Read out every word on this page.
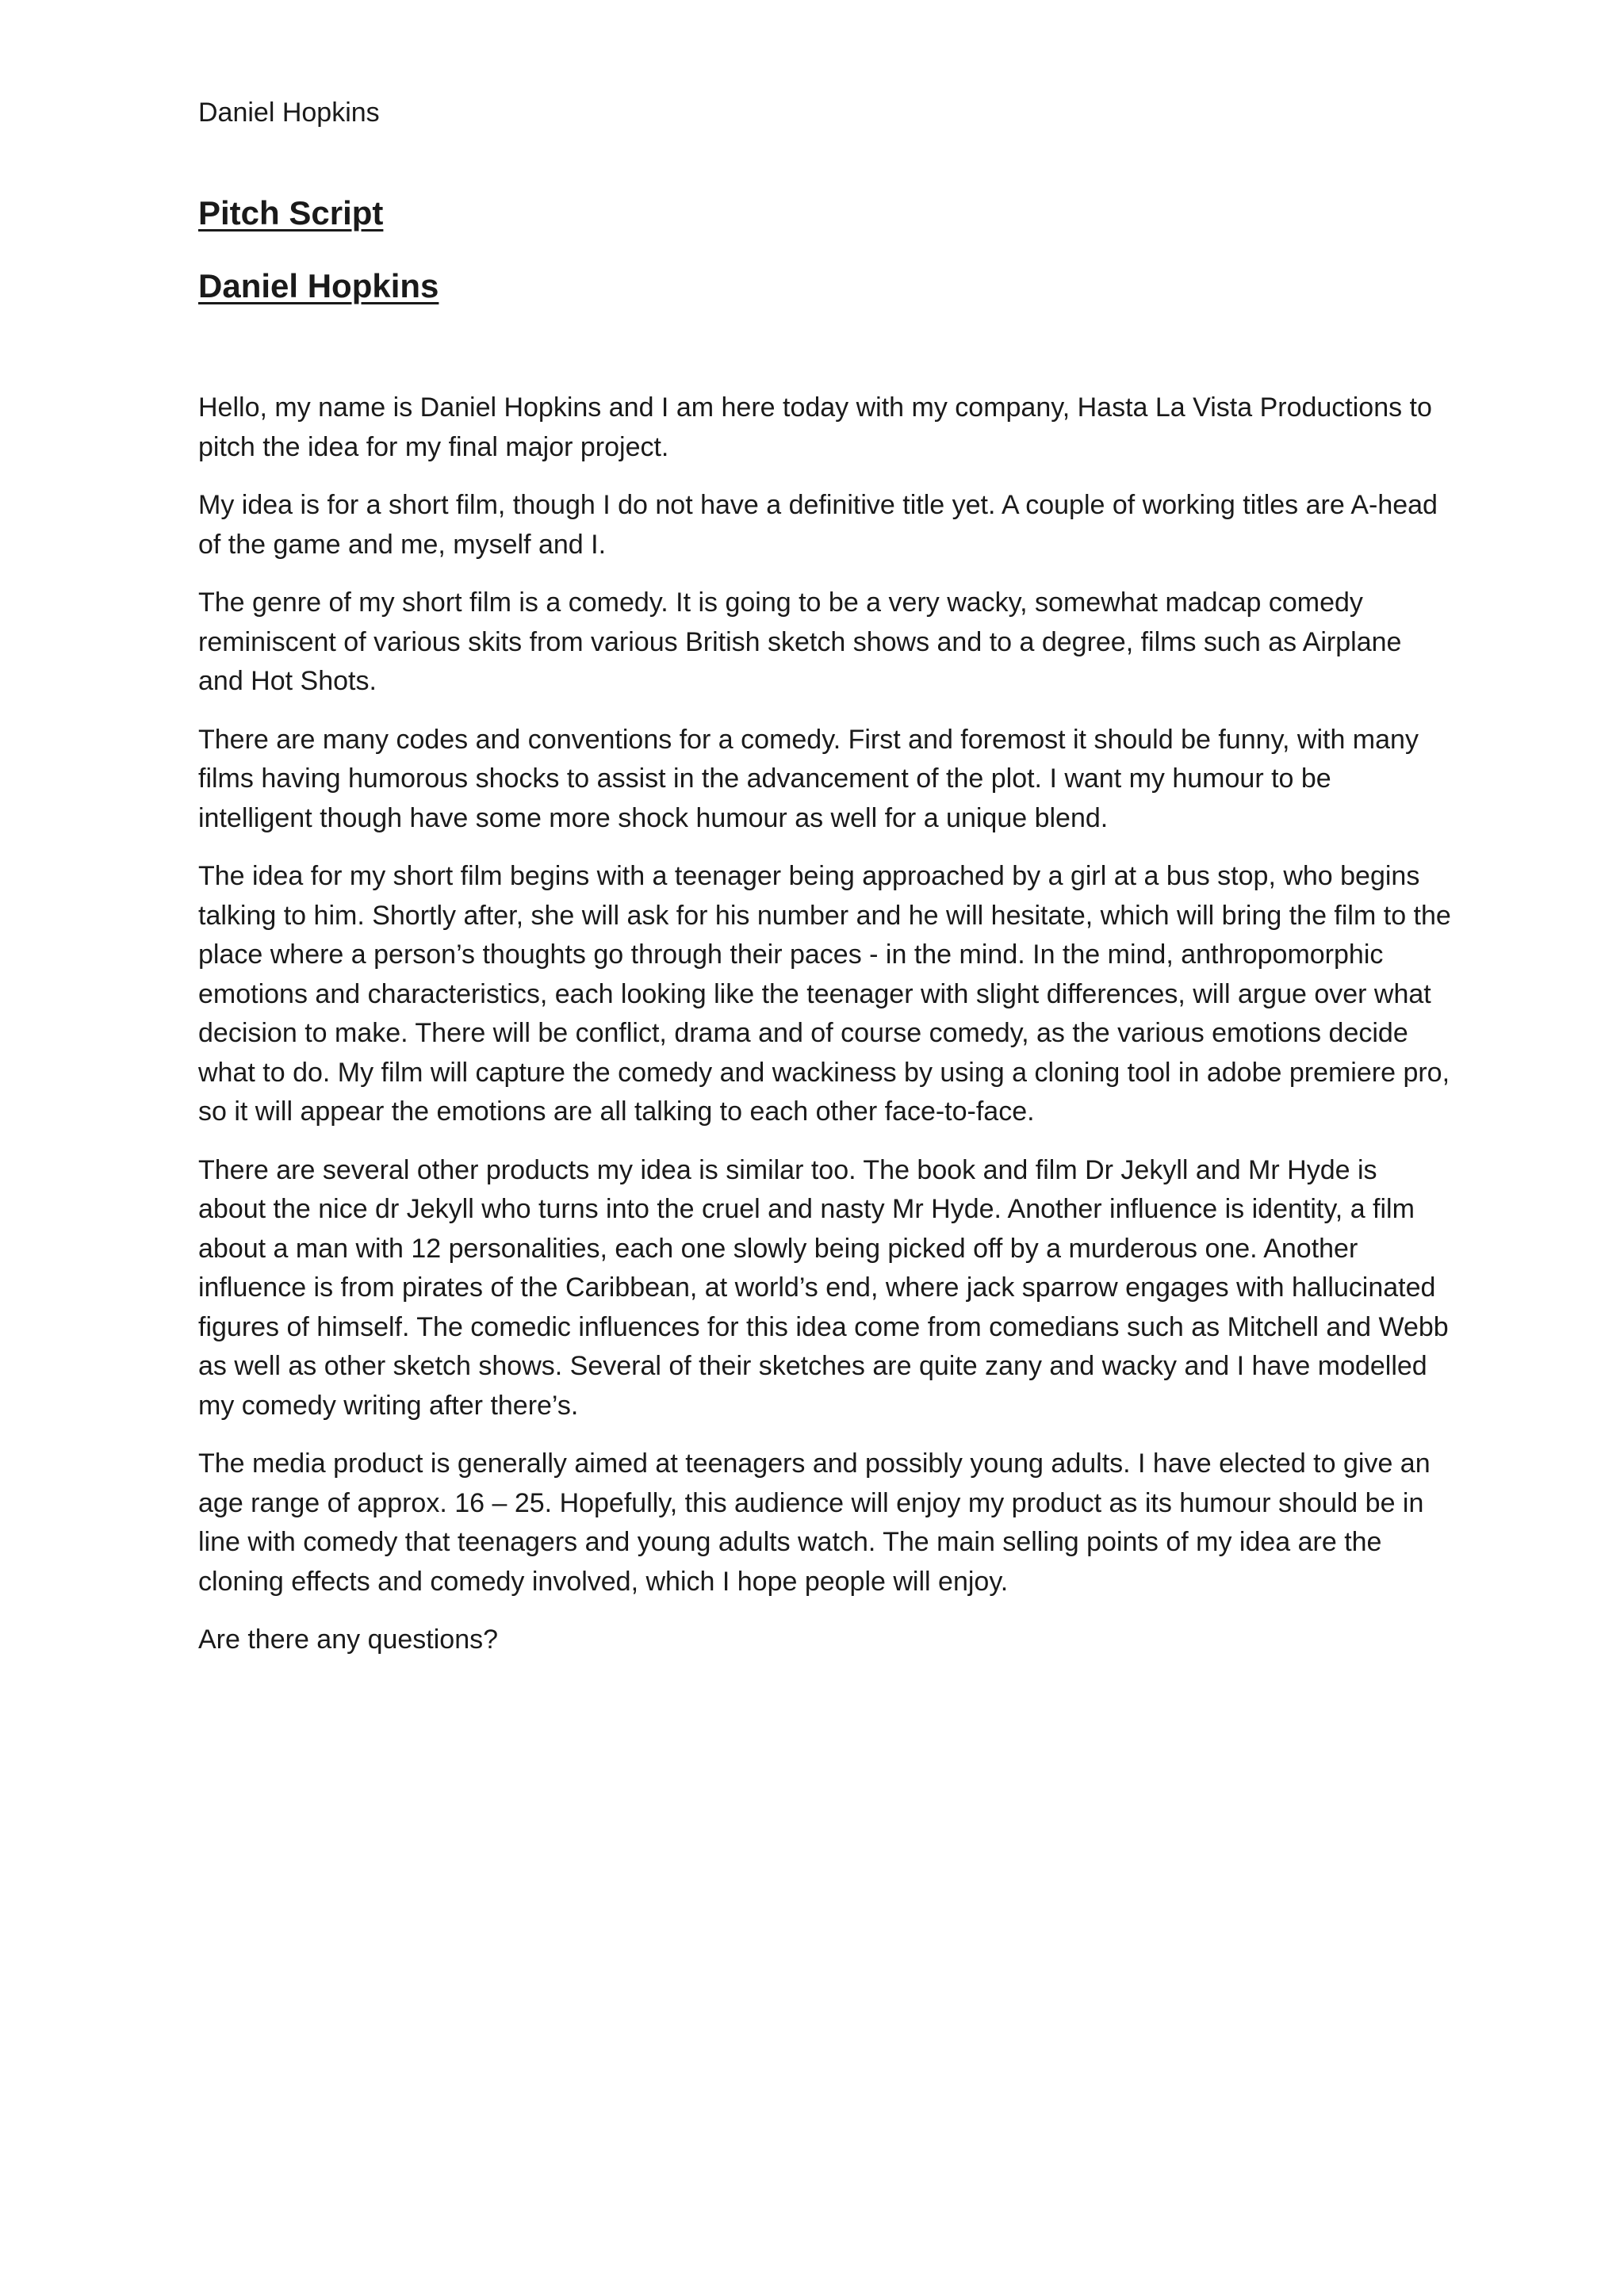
Daniel Hopkins

Pitch Script
Daniel Hopkins

Hello, my name is Daniel Hopkins and I am here today with my company, Hasta La Vista Productions to pitch the idea for my final major project.

My idea is for a short film, though I do not have a definitive title yet. A couple of working titles are A-head of the game and me, myself and I.

The genre of my short film is a comedy. It is going to be a very wacky, somewhat madcap comedy reminiscent of various skits from various British sketch shows and to a degree, films such as Airplane and Hot Shots.

There are many codes and conventions for a comedy. First and foremost it should be funny, with many films having humorous shocks to assist in the advancement of the plot. I want my humour to be intelligent though have some more shock humour as well for a unique blend.

The idea for my short film begins with a teenager being approached by a girl at a bus stop, who begins talking to him. Shortly after, she will ask for his number and he will hesitate, which will bring the film to the place where a person’s thoughts go through their paces - in the mind. In the mind, anthropomorphic emotions and characteristics, each looking like the teenager with slight differences, will argue over what decision to make. There will be conflict, drama and of course comedy, as the various emotions decide what to do. My film will capture the comedy and wackiness by using a cloning tool in adobe premiere pro, so it will appear the emotions are all talking to each other face-to-face.

There are several other products my idea is similar too. The book and film Dr Jekyll and Mr Hyde is about the nice dr Jekyll who turns into the cruel and nasty Mr Hyde. Another influence is identity, a film about a man with 12 personalities, each one slowly being picked off by a murderous one. Another influence is from pirates of the Caribbean, at world’s end, where jack sparrow engages with hallucinated figures of himself. The comedic influences for this idea come from comedians such as Mitchell and Webb as well as other sketch shows. Several of their sketches are quite zany and wacky and I have modelled my comedy writing after there’s.

The media product is generally aimed at teenagers and possibly young adults. I have elected to give an age range of approx. 16 – 25. Hopefully, this audience will enjoy my product as its humour should be in line with comedy that teenagers and young adults watch. The main selling points of my idea are the cloning effects and comedy involved, which I hope people will enjoy.

Are there any questions?
